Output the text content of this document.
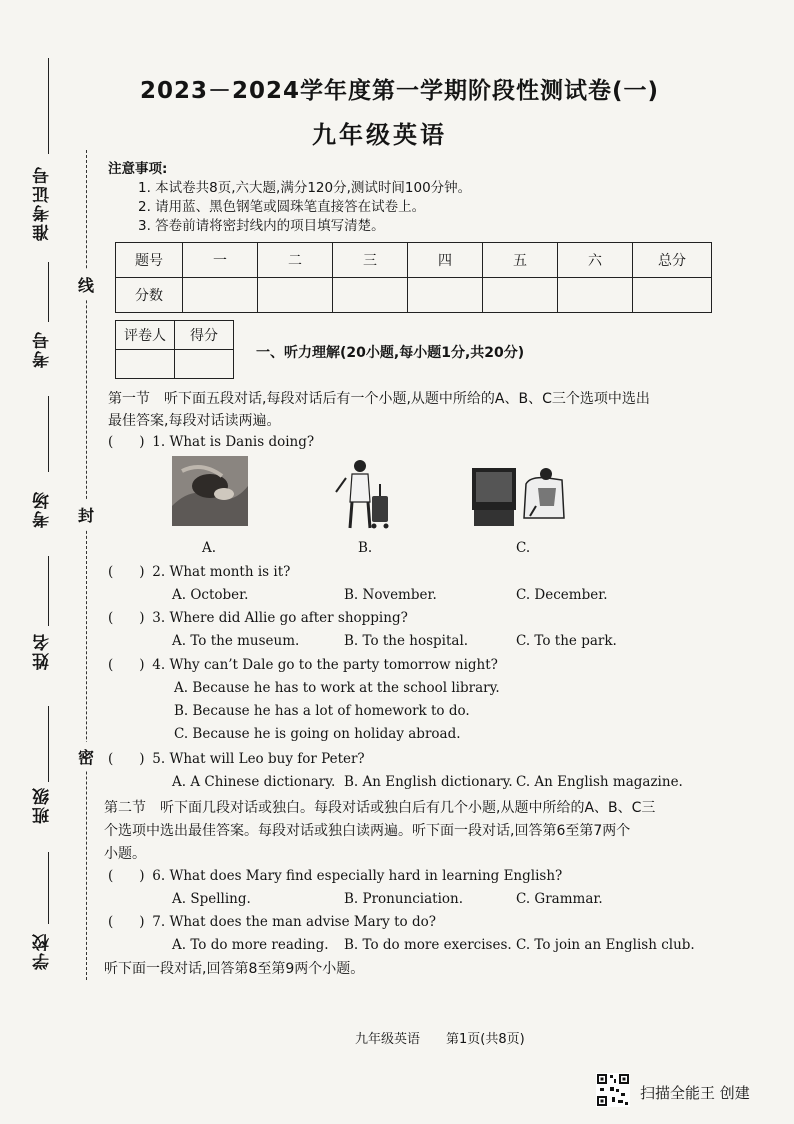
准考证号
考号
考场
姓名
班级
学校
线
封
密
2023－2024学年度第一学期阶段性测试卷(一)
九年级英语
注意事项:
1. 本试卷共8页,六大题,满分120分,测试时间100分钟。
2. 请用蓝、黑色钢笔或圆珠笔直接答在试卷上。
3. 答卷前请将密封线内的项目填写清楚。
题号	一	二	三	四	五	六	总分
分数							
评卷人	得分

一、听力理解(20小题,每小题1分,共20分)
第一节　听下面五段对话,每段对话后有一个小题,从题中所给的A、B、C三个选项中选出
最佳答案,每段对话读两遍。
( ) 1. What is Danis doing?
A.	B.	C.
( ) 2. What month is it?
A. October.	B. November.	C. December.
( ) 3. Where did Allie go after shopping?
A. To the museum.	B. To the hospital.	C. To the park.
( ) 4. Why can’t Dale go to the party tomorrow night?
A. Because he has to work at the school library.
B. Because he has a lot of homework to do.
C. Because he is going on holiday abroad.
( ) 5. What will Leo buy for Peter?
A. A Chinese dictionary. B. An English dictionary. C. An English magazine.
第二节　听下面几段对话或独白。每段对话或独白后有几个小题,从题中所给的A、B、C三
个选项中选出最佳答案。每段对话或独白读两遍。听下面一段对话,回答第6至第7两个
小题。
( ) 6. What does Mary find especially hard in learning English?
A. Spelling.	B. Pronunciation.	C. Grammar.
( ) 7. What does the man advise Mary to do?
A. To do more reading. B. To do more exercises. C. To join an English club.
听下面一段对话,回答第8至第9两个小题。
九年级英语　　第1页(共8页)
扫描全能王 创建
